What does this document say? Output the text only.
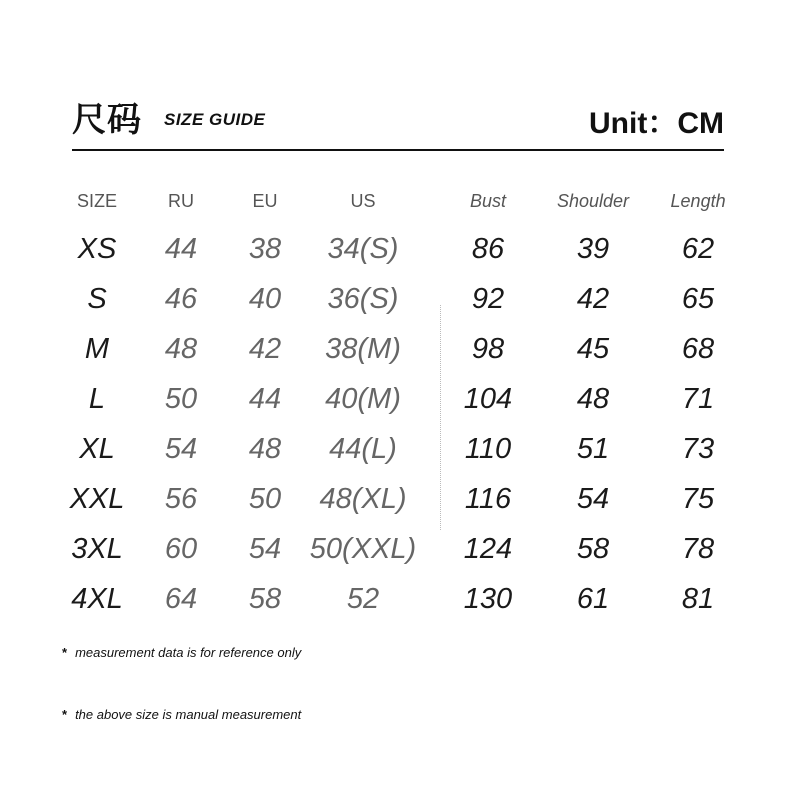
尺码 SIZE GUIDE	Unit：CM
SIZE	RU	EU	US	Bust	Shoulder	Length
XS	44	38	34(S)	86	39	62
S	46	40	36(S)	92	42	65
M	48	42	38(M)	98	45	68
L	50	44	40(M)	104	48	71
XL	54	48	44(L)	110	51	73
XXL	56	50	48(XL)	116	54	75
3XL	60	54	50(XXL)	124	58	78
4XL	64	58	52	130	61	81
* measurement data is for reference only
* the above size is manual measurement
